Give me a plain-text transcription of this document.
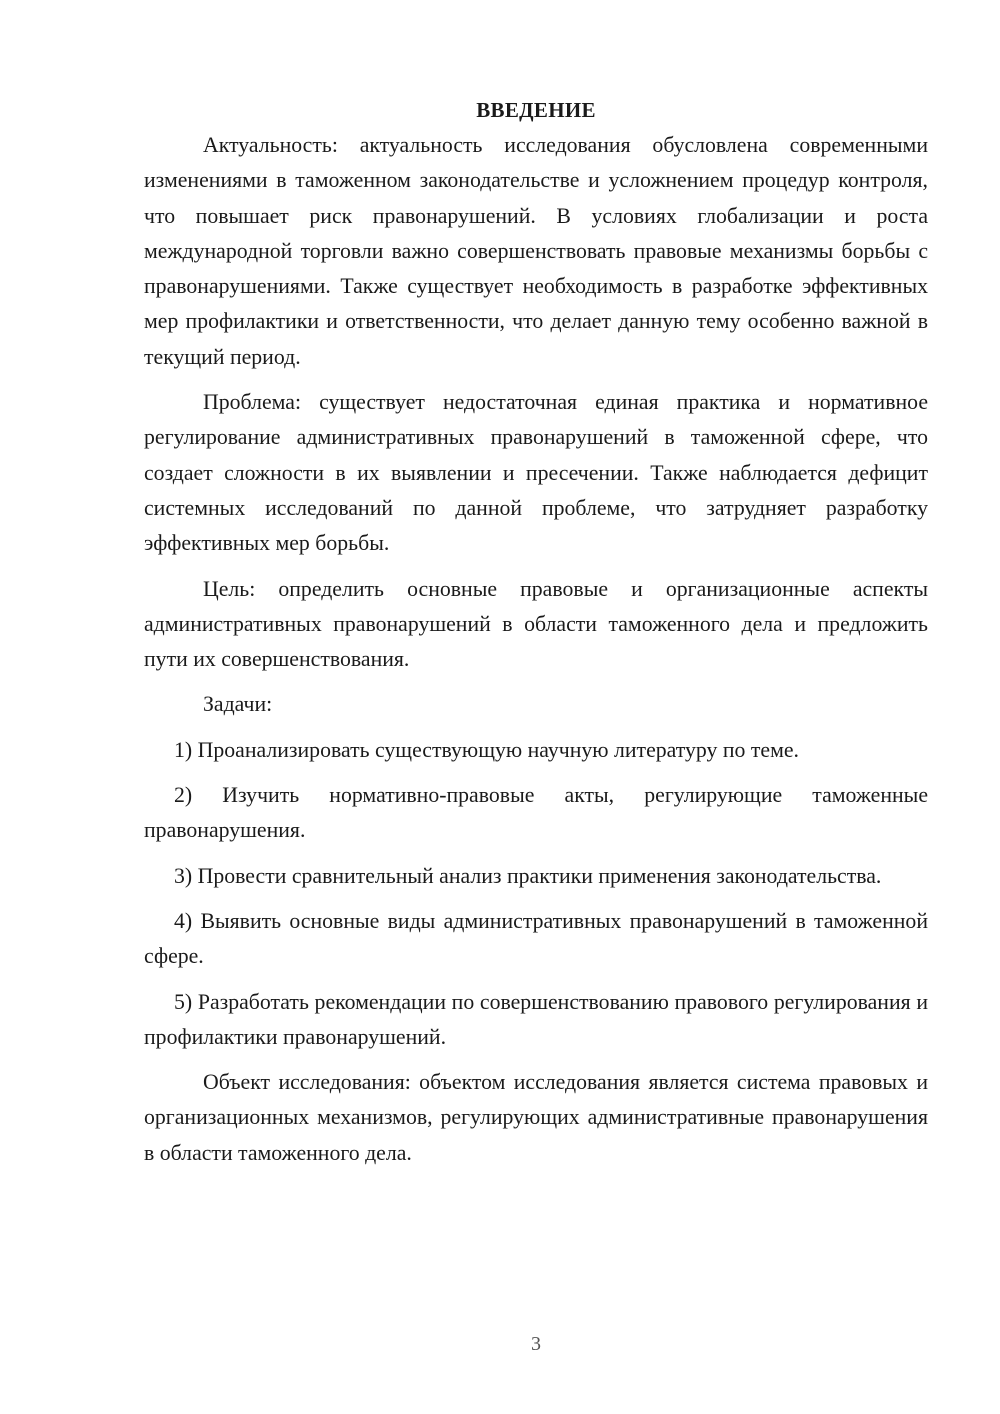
ВВЕДЕНИЕ

Актуальность: актуальность исследования обусловлена современными изменениями в таможенном законодательстве и усложнением процедур контроля, что повышает риск правонарушений. В условиях глобализации и роста международной торговли важно совершенствовать правовые механизмы борьбы с правонарушениями. Также существует необходимость в разработке эффективных мер профилактики и ответственности, что делает данную тему особенно важной в текущий период.

Проблема: существует недостаточная единая практика и нормативное регулирование административных правонарушений в таможенной сфере, что создает сложности в их выявлении и пресечении. Также наблюдается дефицит системных исследований по данной проблеме, что затрудняет разработку эффективных мер борьбы.

Цель: определить основные правовые и организационные аспекты административных правонарушений в области таможенного дела и предложить пути их совершенствования.

Задачи:

1) Проанализировать существующую научную литературу по теме.

2) Изучить нормативно-правовые акты, регулирующие таможенные правонарушения.

3) Провести сравнительный анализ практики применения законодательства.

4) Выявить основные виды административных правонарушений в таможенной сфере.

5) Разработать рекомендации по совершенствованию правового регулирования и профилактики правонарушений.

Объект исследования: объектом исследования является система правовых и организационных механизмов, регулирующих административные правонарушения в области таможенного дела.

3
